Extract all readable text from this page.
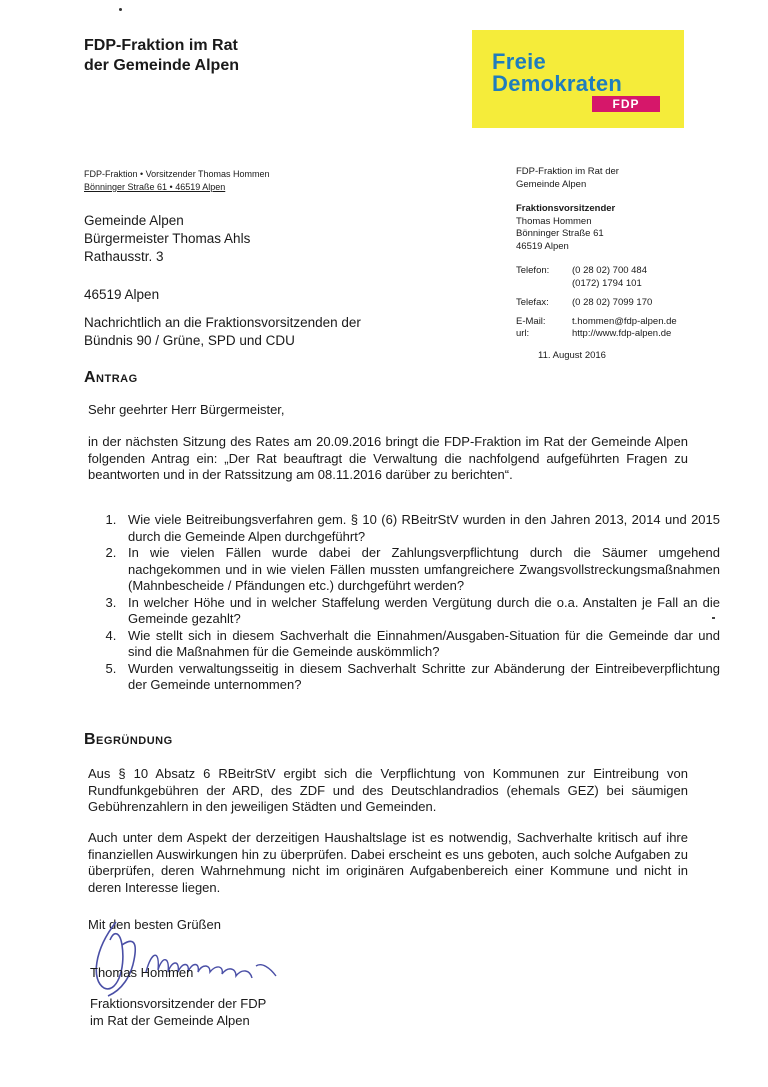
FDP-Fraktion im Rat
der Gemeinde Alpen	Freie
Demokraten
FDP
FDP-Fraktion • Vorsitzender Thomas Hommen
Bönninger Straße 61 • 46519 Alpen
Gemeinde Alpen
Bürgermeister Thomas Ahls
Rathausstr. 3
46519 Alpen
Nachrichtlich an die Fraktionsvorsitzenden der
Bündnis 90 / Grüne, SPD und CDU
FDP-Fraktion im Rat der
Gemeinde Alpen
Fraktionsvorsitzender
Thomas Hommen
Bönninger Straße 61
46519 Alpen
Telefon:	(0 28 02) 700 484
(0172) 1794 101
Telefax:	(0 28 02) 7099 170
E-Mail:	t.hommen@fdp-alpen.de
url:	http://www.fdp-alpen.de
11. August 2016
Antrag
Sehr geehrter Herr Bürgermeister,
in der nächsten Sitzung des Rates am 20.09.2016 bringt die FDP-Fraktion im Rat der Gemeinde Alpen folgenden Antrag ein: „Der Rat beauftragt die Verwaltung die nachfolgend aufgeführten Fragen zu beantworten und in der Ratssitzung am 08.11.2016 darüber zu berichten“.
1. Wie viele Beitreibungsverfahren gem. § 10 (6) RBeitrStV wurden in den Jahren 2013, 2014 und 2015 durch die Gemeinde Alpen durchgeführt?
2. In wie vielen Fällen wurde dabei der Zahlungsverpflichtung durch die Säumer umgehend nachgekommen und in wie vielen Fällen mussten umfangreichere Zwangsvollstreckungsmaßnahmen (Mahnbescheide / Pfändungen etc.) durchgeführt werden?
3. In welcher Höhe und in welcher Staffelung werden Vergütung durch die o.a. Anstalten je Fall an die Gemeinde gezahlt?
4. Wie stellt sich in diesem Sachverhalt die Einnahmen/Ausgaben-Situation für die Gemeinde dar und sind die Maßnahmen für die Gemeinde auskömmlich?
5. Wurden verwaltungsseitig in diesem Sachverhalt Schritte zur Abänderung der Eintreibeverpflichtung der Gemeinde unternommen?
Begründung
Aus § 10 Absatz 6 RBeitrStV ergibt sich die Verpflichtung von Kommunen zur Eintreibung von Rundfunkgebühren der ARD, des ZDF und des Deutschlandradios (ehemals GEZ) bei säumigen Gebührenzahlern in den jeweiligen Städten und Gemeinden.
Auch unter dem Aspekt der derzeitigen Haushaltslage ist es notwendig, Sachverhalte kritisch auf ihre finanziellen Auswirkungen hin zu überprüfen. Dabei erscheint es uns geboten, auch solche Aufgaben zu überprüfen, deren Wahrnehmung nicht im originären Aufgabenbereich einer Kommune und nicht in deren Interesse liegen.
Mit den besten Grüßen
Thomas Hommen
Fraktionsvorsitzender der FDP
im Rat der Gemeinde Alpen
